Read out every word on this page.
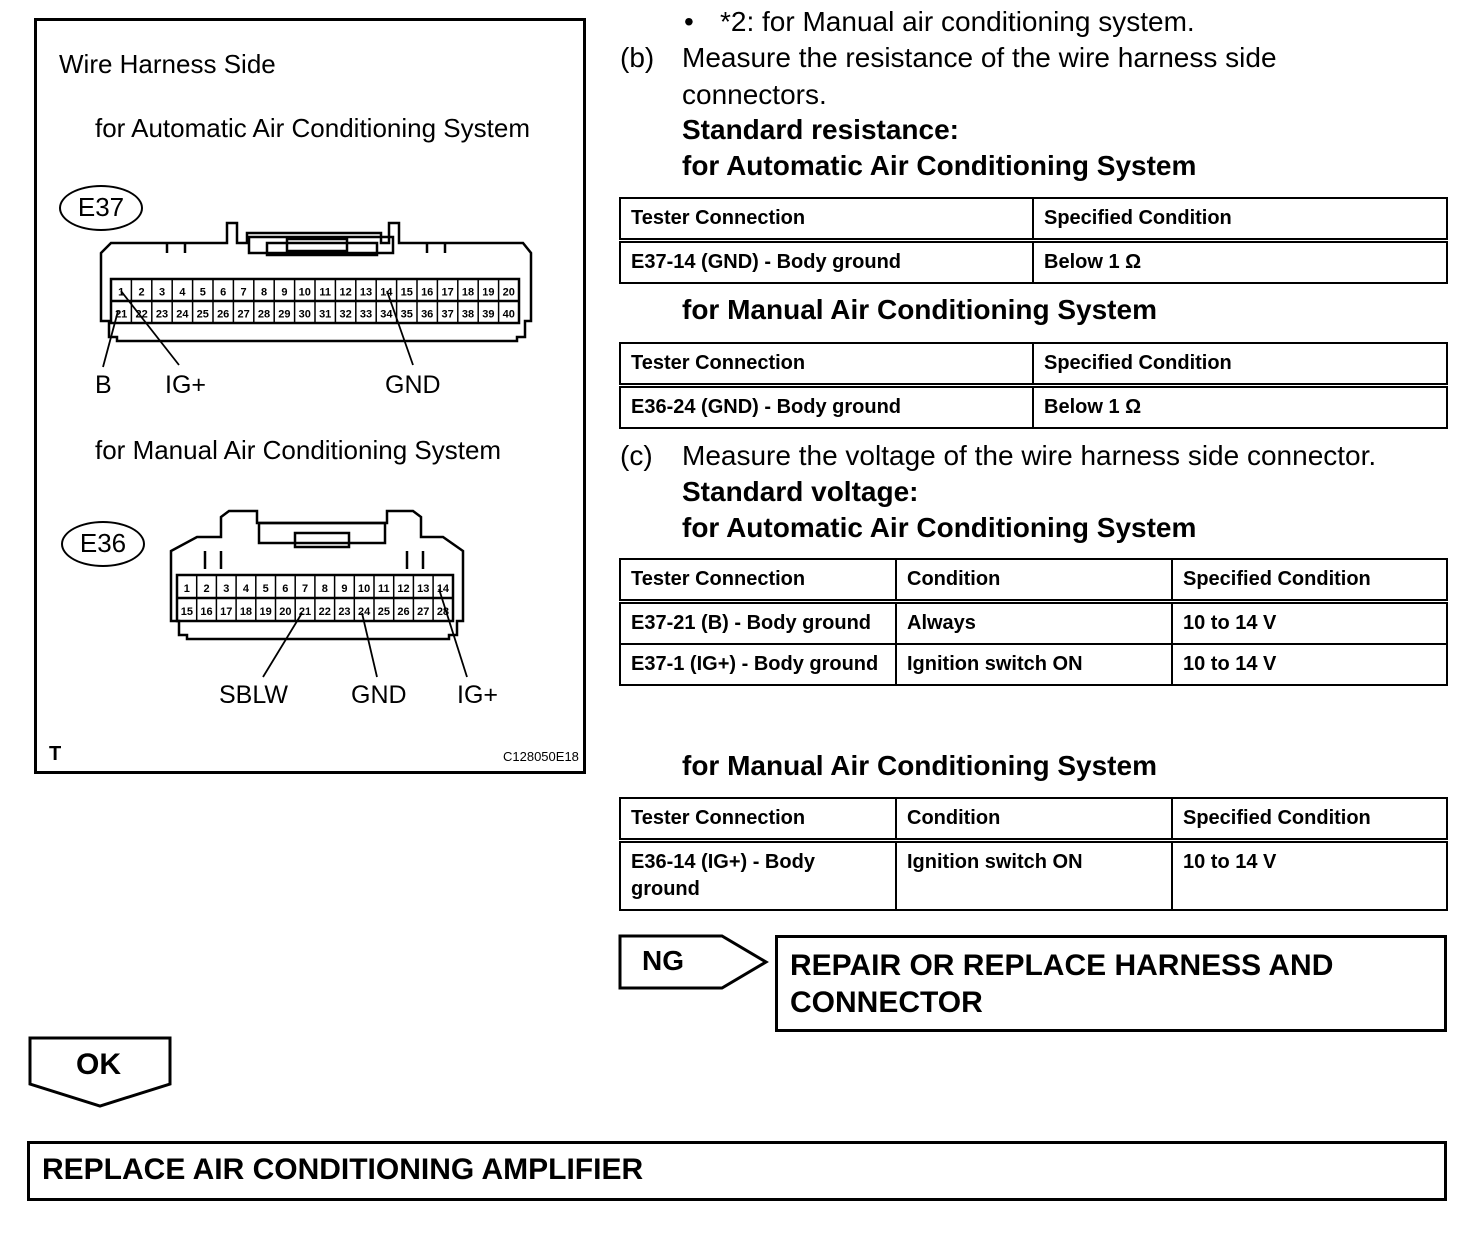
1 2 3 4 5 6 7 8 9 10 11 12 13 14 15 16 17 18 19 20
21 22 23 24 25 26 27 28 29 30 31 32 33 34 35 36 37 38 39 40
1 2 3 4 5 6 7 8 9 10 11 12 13 14
15 16 17 18 19 20 21 22 23 24 25 26 27 28
Wire Harness Side
for Automatic Air Conditioning System
E37
B IG+	GND
for Manual Air Conditioning System
E36
SBLW	GND IG+
T	C128050E18
• *2: for Manual air conditioning system.
(b) Measure the resistance of the wire harness side
connectors.
Standard resistance:
for Automatic Air Conditioning System
Tester Connection	Specified Condition
E37-14 (GND) - Body ground	Below 1 Ω
for Manual Air Conditioning System
Tester Connection	Specified Condition
E36-24 (GND) - Body ground	Below 1 Ω
(c) Measure the voltage of the wire harness side connector.
Standard voltage:
for Automatic Air Conditioning System
Tester Connection	Condition	Specified Condition
E37-21 (B) - Body ground	Always	10 to 14 V
E37-1 (IG+) - Body ground	Ignition switch ON	10 to 14 V
for Manual Air Conditioning System
Tester Connection	Condition	Specified Condition
E36-14 (IG+) - Body ground	Ignition switch ON	10 to 14 V
NG	REPAIR OR REPLACE HARNESS AND
CONNECTOR
OK
REPLACE AIR CONDITIONING AMPLIFIER
